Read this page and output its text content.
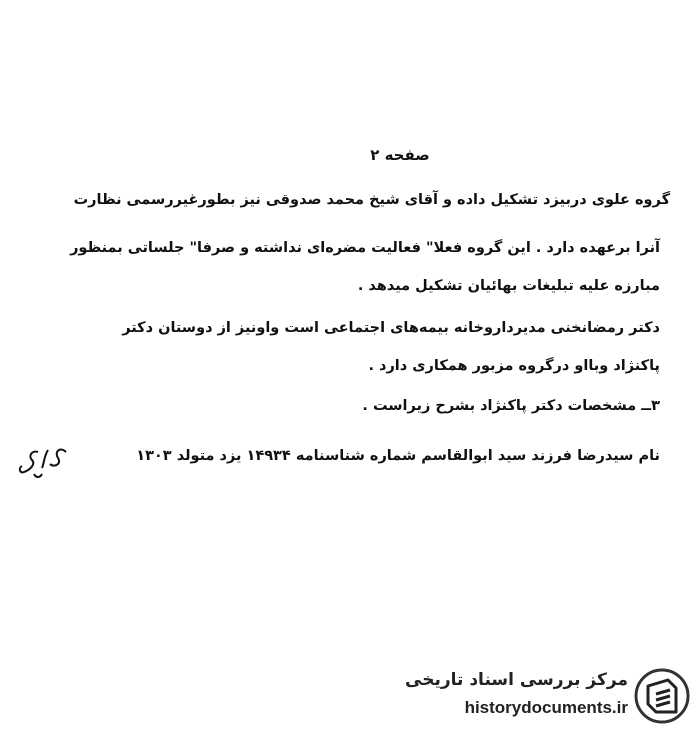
صفحه ۲
گروه علوی دربیزد تشکیل داده و آقای شیخ محمد صدوقی نیز بطورغیررسمی نظارت
آنرا برعهده دارد . این گروه فعلا" فعالیت مضره‌ای نداشته و صرفا" جلساتی بمنظور
مبارزه علیه تبلیغات بهائیان تشکیل میدهد .
دکتر رمضانخنی مدیرداروخانه بیمه‌های اجتماعی است واونیز از دوستان دکتر
پاکنژاد وبااو درگروه مزبور همکاری دارد .
۳ــ مشخصات دکتر پاکنژاد بشرح زیراست .
نام سیدرضا فرزند سید ابوالقاسم شماره شناسنامه ۱۴۹۳۴ یزد متولد ۱۳۰۳
مرکز بررسی اسناد تاریخی
historydocuments.ir
